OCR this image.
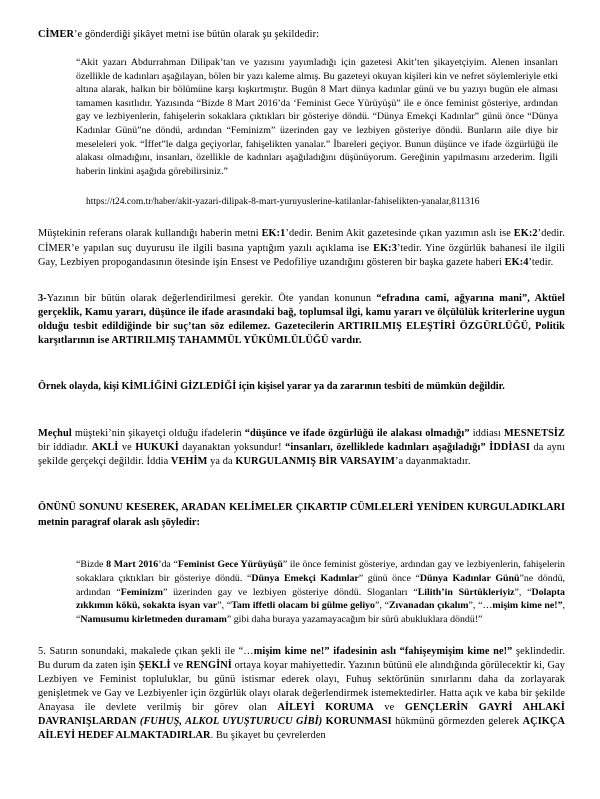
CİMER’e gönderdiği şikâyet metni ise bütün olarak şu şekildedir:

“Akit yazarı Abdurrahman Dilipak’tan ve yazısını yayımladığı için gazetesi Akit’ten şikayetçiyim. Alenen insanları özellikle de kadınları aşağılayan, bölen bir yazı kaleme almış. Bu gazeteyi okuyan kişileri kin ve nefret söylemleriyle etki altına alarak, halkın bir bölümüne karşı kışkırtmıştır. Bugün 8 Mart dünya kadınlar günü ve bu yazıyı bugün ele alması tamamen kasıtlıdır. Yazısında “Bizde 8 Mart 2016’da ‘Feminist Gece Yürüyüşü” ile e önce feminist gösteriye, ardından gay ve lezbiyenlerin, fahişelerin sokaklara çıktıkları bir gösteriye döndü. “Dünya Emekçi Kadınlar” günü önce “Dünya Kadınlar Günü”ne döndü, ardından “Feminizm” üzerinden gay ve lezbiyen gösteriye döndü. Bunların aile diye bir meseleleri yok. “İffet”le dalga geçiyorlar, fahişelikten yanalar.” İbareleri geçiyor. Bunun düşünce ve ifade özgürlüğü ile alakası olmadığını, insanları, özellikle de kadınları aşağıladığını düşünüyorum. Gereğinin yapılmasını arzederim. İlgili haberin linkini aşağıda görebilirsiniz.”

https://t24.com.tr/haber/akit-yazari-dilipak-8-mart-yuruyuslerine-katilanlar-fahiselikten-yanalar,811316

Müştekinin referans olarak kullandığı haberin metni EK:1’dedir. Benim Akit gazetesinde çıkan yazımın aslı ise EK:2’dedir. CİMER’e yapılan suç duyurusu ile ilgili basına yaptığım yazılı açıklama ise EK:3’tedir. Yine özgürlük bahanesi ile ilgili Gay, Lezbiyen propogandasının ötesinde işin Ensest ve Pedofiliye uzandığını gösteren bir başka gazete haberi EK:4’tedir.

3-Yazının bir bütün olarak değerlendirilmesi gerekir. Öte yandan konunun “efradına cami, ağyarına mani”, Aktüel gerçeklik, Kamu yararı, düşünce ile ifade arasındaki bağ, toplumsal ilgi, kamu yararı ve ölçülülük kriterlerine uygun olduğu tesbit edildiğinde bir suç’tan söz edilemez. Gazetecilerin ARTIRILMIŞ ELEŞTİRİ ÖZGÜRLÜĞÜ, Politik karşıtlarının ise ARTIRILMIŞ TAHAMMÜL YÜKÜMLÜLÜĞÜ vardır.

Örnek olayda, kişi KİMLİĞİNİ GİZLEDİĞİ için kişisel yarar ya da zararının tesbiti de mümkün değildir.

Meçhul müşteki’nin şikayetçi olduğu ifadelerin “düşünce ve ifade özgürlüğü ile alakası olmadığı” iddiası MESNETSİZ bir iddiadır. AKLİ ve HUKUKİ dayanaktan yoksundur! “insanları, özelliklede kadınları aşağıladığı” İDDİASI da aynı şekilde gerçekçi değildir. İddia VEHİM ya da KURGULANMIŞ BİR VARSAYIM’a dayanmaktadır.

ÖNÜNÜ SONUNU KESEREK, ARADAN KELİMELER ÇIKARTIP CÜMLELERİ YENİDEN KURGULADIKLARI metnin paragraf olarak aslı şöyledir:

“Bizde 8 Mart 2016’da “Feminist Gece Yürüyüşü” ile önce feminist gösteriye, ardından gay ve lezbiyenlerin, fahişelerin sokaklara çıktıkları bir gösteriye döndü. “Dünya Emekçi Kadınlar” günü önce “Dünya Kadınlar Günü”ne döndü, ardından “Feminizm” üzerinden gay ve lezbiyen gösteriye döndü. Sloganları “Lilith’in Sürtükleriyiz”, “Dolapta zıkkımın kökü, sokakta isyan var”, “Tam iffetli olacam bi gülme geliyo”, “Zıvanadan çıkalım”, “…mişim kime ne!”, “Namusumu kirletmeden duramam” gibi daha buraya yazamayacağım bir sürü abukluklara döndü!”

5. Satırın sonundaki, makalede çıkan şekli ile “…mişim kime ne!” ifadesinin aslı “fahişeymişim kime ne!” şeklindedir. Bu durum da zaten işin ŞEKLİ ve RENGİNİ ortaya koyar mahiyettedir. Yazının bütünü ele alındığında görülecektir ki, Gay Lezbiyen ve Feminist topluluklar, bu günü istismar ederek olayı, Fuhuş sektörünün sınırlarını daha da zorlayarak genişletmek ve Gay ve Lezbiyenler için özgürlük olayı olarak değerlendirmek istemektedirler. Hatta açık ve kaba bir şekilde Anayasa ile devlete verilmiş bir görev olan AİLEYİ KORUMA ve GENÇLERİN GAYRİ AHLAKİ DAVRANIŞLARDAN (FUHUŞ, ALKOL UYUŞTURUCU GİBİ) KORUNMASI hükmünü görmezden gelerek AÇIKÇA AİLEYİ HEDEF ALMAKTADIRLAR. Bu şikayet bu çevrelerden
